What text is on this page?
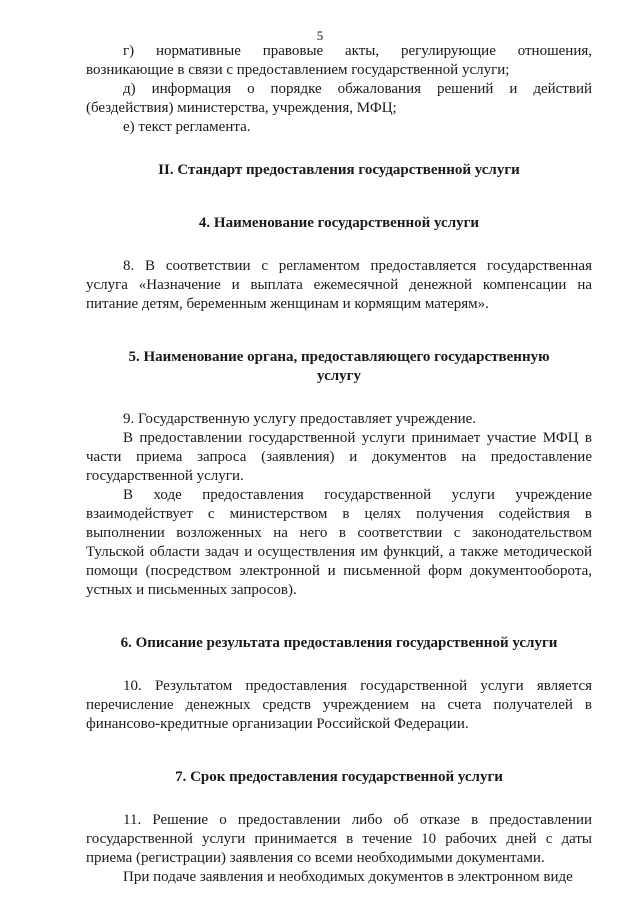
5

г) нормативные правовые акты, регулирующие отношения, возникающие в связи с предоставлением государственной услуги;

д) информация о порядке обжалования решений и действий (бездействия) министерства, учреждения, МФЦ;

е) текст регламента.

II. Стандарт предоставления государственной услуги
4. Наименование государственной услуги

8. В соответствии с регламентом предоставляется государственная услуга «Назначение и выплата ежемесячной денежной компенсации на питание детям, беременным женщинам и кормящим матерям».

5. Наименование органа, предоставляющего государственную услугу

9. Государственную услугу предоставляет учреждение.

В предоставлении государственной услуги принимает участие МФЦ в части приема запроса (заявления) и документов на предоставление государственной услуги.

В ходе предоставления государственной услуги учреждение взаимодействует с министерством в целях получения содействия в выполнении возложенных на него в соответствии с законодательством Тульской области задач и осуществления им функций, а также методической помощи (посредством электронной и письменной форм документооборота, устных и письменных запросов).

6. Описание результата предоставления государственной услуги

10. Результатом предоставления государственной услуги является перечисление денежных средств учреждением на счета получателей в финансово-кредитные организации Российской Федерации.

7. Срок предоставления государственной услуги

11. Решение о предоставлении либо об отказе в предоставлении государственной услуги принимается в течение 10 рабочих дней с даты приема (регистрации) заявления со всеми необходимыми документами.

При подаче заявления и необходимых документов в электронном виде
